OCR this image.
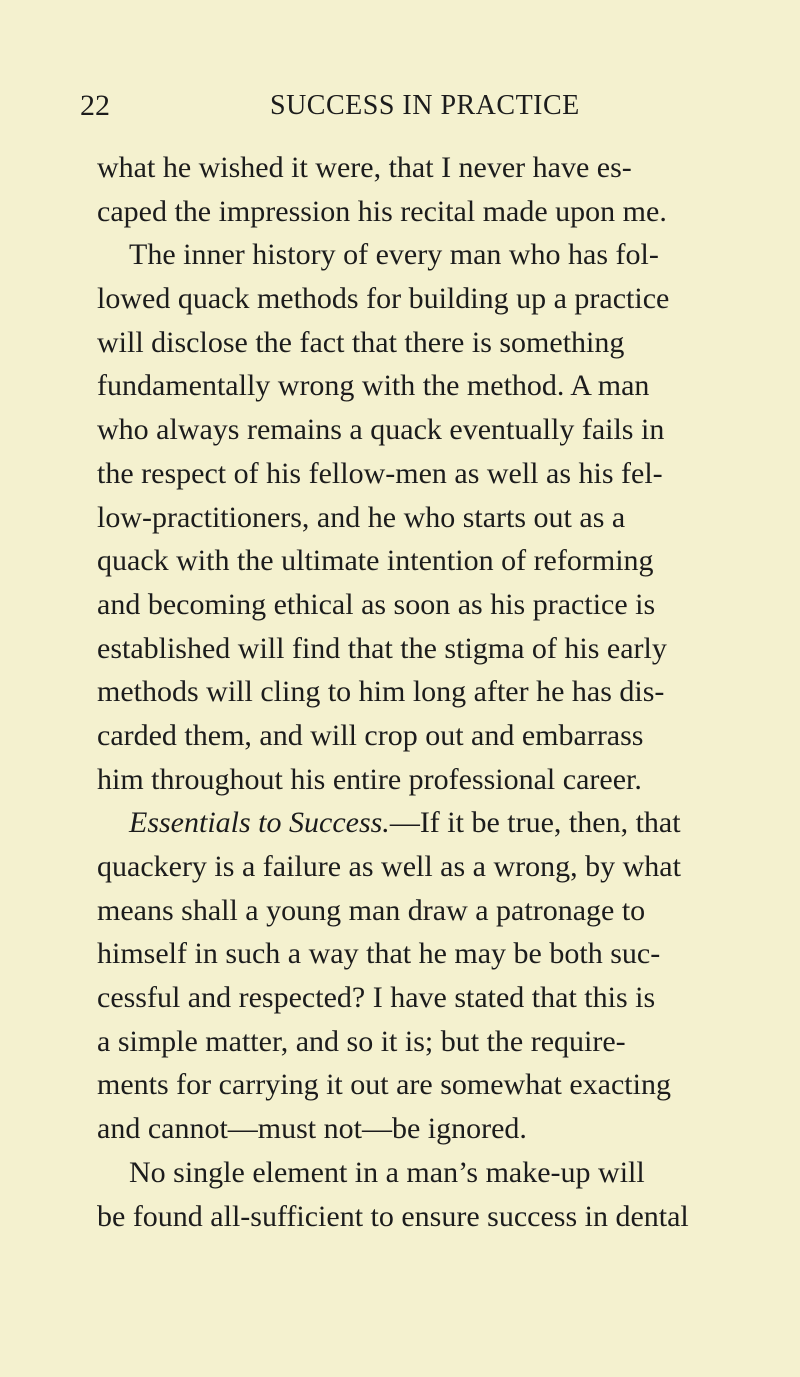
22	SUCCESS IN PRACTICE
what he wished it were, that I never have es-
caped the impression his recital made upon me.
The inner history of every man who has fol-
lowed quack methods for building up a practice
will disclose the fact that there is something
fundamentally wrong with the method. A man
who always remains a quack eventually fails in
the respect of his fellow-men as well as his fel-
low-practitioners, and he who starts out as a
quack with the ultimate intention of reforming
and becoming ethical as soon as his practice is
established will find that the stigma of his early
methods will cling to him long after he has dis-
carded them, and will crop out and embarrass
him throughout his entire professional career.
Essentials to Success.—If it be true, then, that
quackery is a failure as well as a wrong, by what
means shall a young man draw a patronage to
himself in such a way that he may be both suc-
cessful and respected? I have stated that this is
a simple matter, and so it is; but the require-
ments for carrying it out are somewhat exacting
and cannot—must not—be ignored.
No single element in a man’s make-up will
be found all-sufficient to ensure success in dental
